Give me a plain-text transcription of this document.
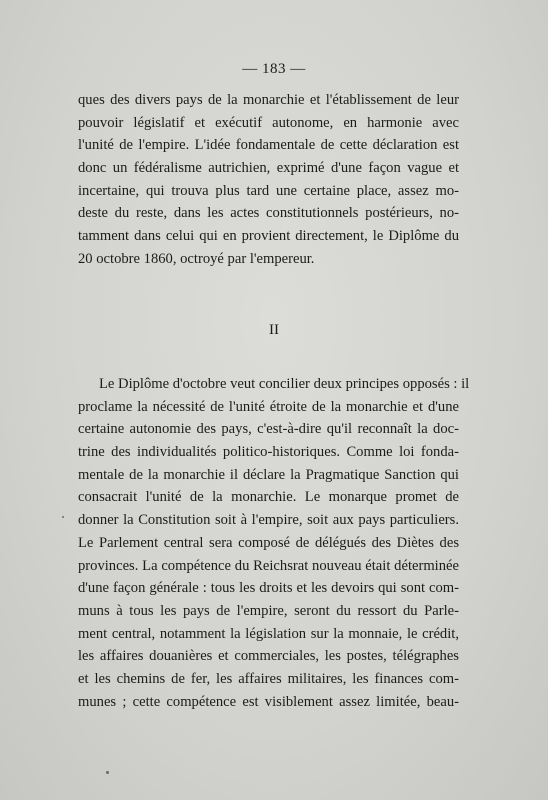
— 183 —
ques des divers pays de la monarchie et l'établissement de leur
pouvoir législatif et exécutif autonome, en harmonie avec
l'unité de l'empire. L'idée fondamentale de cette déclaration est
donc un fédéralisme autrichien, exprimé d'une façon vague et
incertaine, qui trouva plus tard une certaine place, assez mo-
deste du reste, dans les actes constitutionnels postérieurs, no-
tamment dans celui qui en provient directement, le Diplôme du
20 octobre 1860, octroyé par l'empereur.
II
Le Diplôme d'octobre veut concilier deux principes opposés : il
proclame la nécessité de l'unité étroite de la monarchie et d'une
certaine autonomie des pays, c'est-à-dire qu'il reconnaît la doc-
trine des individualités politico-historiques. Comme loi fonda-
mentale de la monarchie il déclare la Pragmatique Sanction qui
consacrait l'unité de la monarchie. Le monarque promet de
donner la Constitution soit à l'empire, soit aux pays particuliers.
Le Parlement central sera composé de délégués des Diètes des
provinces. La compétence du Reichsrat nouveau était déterminée
d'une façon générale : tous les droits et les devoirs qui sont com-
muns à tous les pays de l'empire, seront du ressort du Parle-
ment central, notamment la législation sur la monnaie, le crédit,
les affaires douanières et commerciales, les postes, télégraphes
et les chemins de fer, les affaires militaires, les finances com-
munes ; cette compétence est visiblement assez limitée, beau-
